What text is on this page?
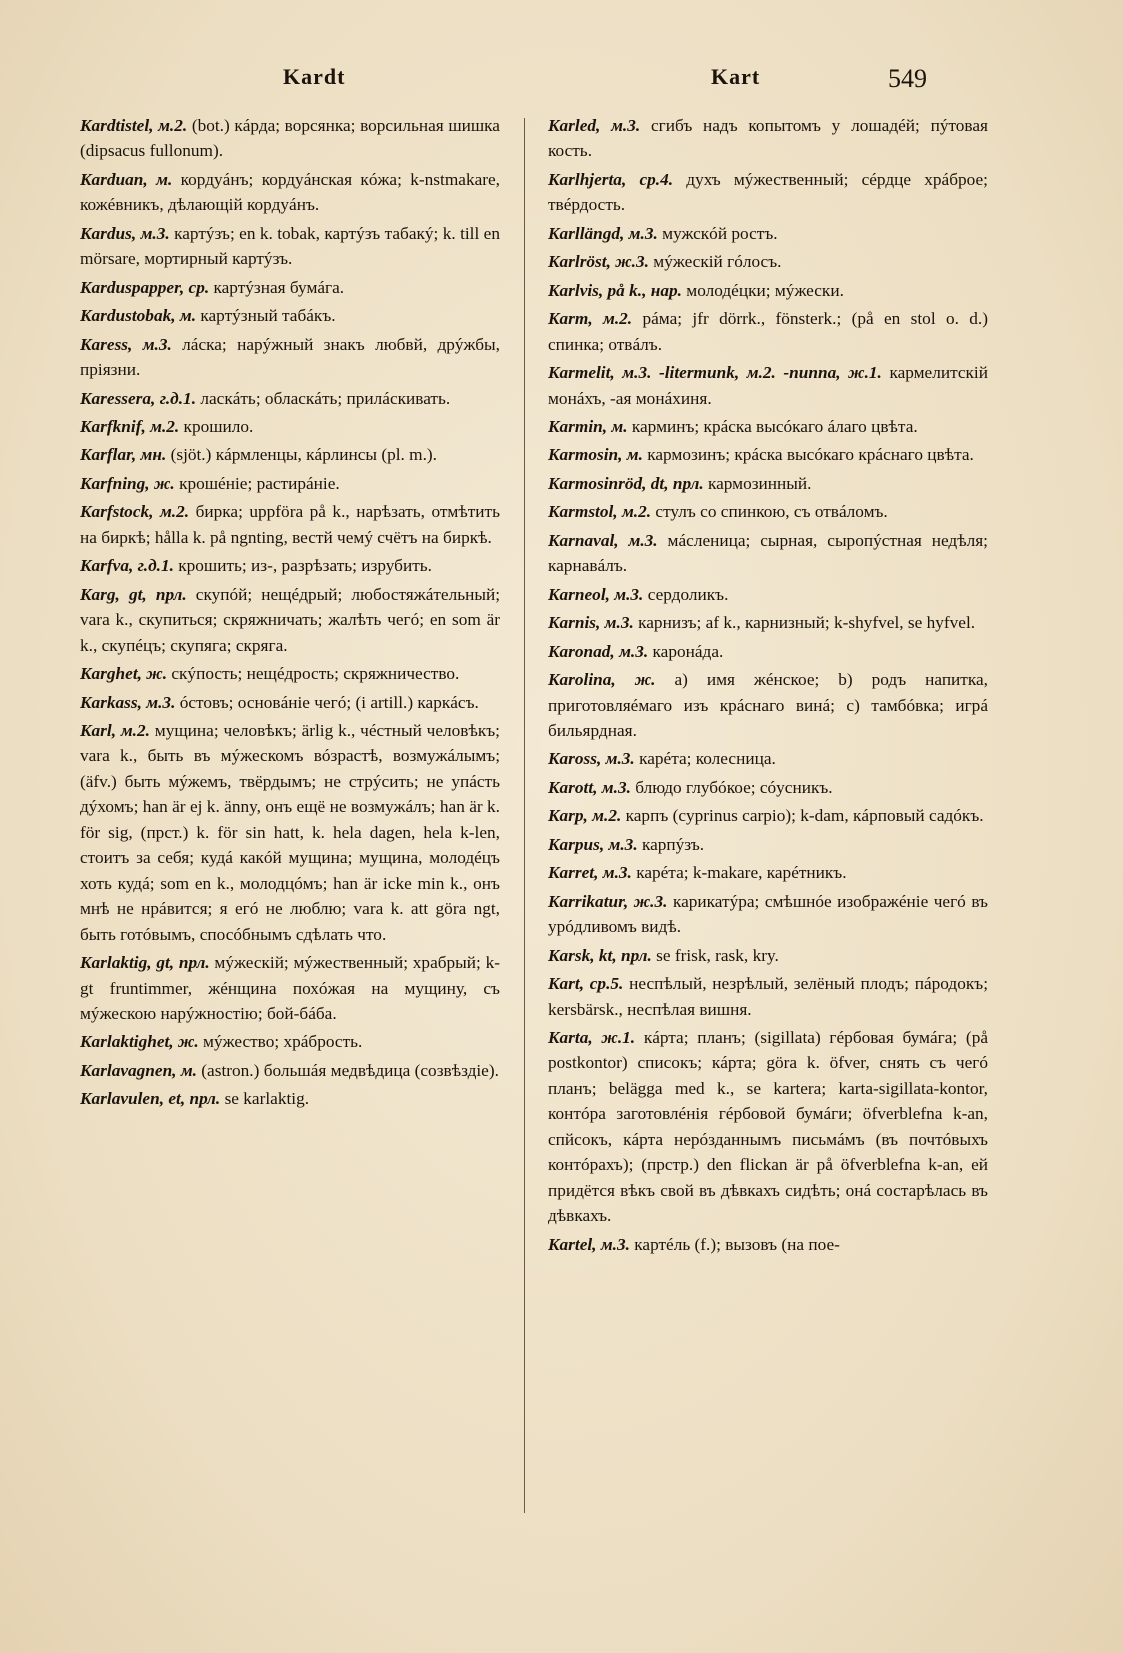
Kardt	Kart	549

Kardtistel, м.2. (bot.) кáрда; ворсянка; ворсильная шишка (dipsacus fullonum).

Karduan, м. кордуáнъ; кордуáнская кóжа; k-nstmakare, кожéвникъ, дѣлающiй кордуáнъ.

Kardus, м.3. картýзъ; en k. tobak, картýзъ табакý; k. till en mörsare, мортирный картýзъ.

Karduspapper, ср. картýзная бумáга.

Kardustobak, м. картýзный табáкъ.

Karess, м.3. лáска; нарýжный знакъ любвй, дрýжбы, прiязни.

Karessera, г.д.1. ласкáть; обласкáть; прилáскивать.

Karfknif, м.2. крошило.

Karflar, мн. (sjöt.) кáрмленцы, кáрлинсы (pl. m.).

Karfning, ж. крошéнiе; растирáнiе.

Karfstock, м.2. бирка; uppföra på k., нарѣзать, отмѣтить на биркѣ; hålla k. på ngnting, вестй чемý счётъ на биркѣ.

Karfva, г.д.1. крошить; из-, разрѣзать; изрубить.

Karg, gt, прл. скупóй; нещéдрый; любостяжáтельный; vara k., скупиться; скряжничать; жалѣть чегó; en som är k., скупéцъ; скупяга; скряга.

Karghet, ж. скýпость; нещéдрость; скряжничество.

Karkass, м.3. óстовъ; основáнiе чегó; (i artill.) каркáсъ.

Karl, м.2. мущина; человѣкъ; ärlig k., чéстный человѣкъ; vara k., быть въ мýжескомъ вóзрастѣ, возмужáлымъ; (äfv.) быть мýжемъ, твёрдымъ; не стрýсить; не упáсть дýхомъ; han är ej k. änny, онъ ещё не возмужáлъ; han är k. för sig, (прст.) k. för sin hatt, k. hela dagen, hela k-len, стоитъ за себя; кудá какóй мущина; мущина, молодéцъ хоть кудá; som en k., молодцóмъ; han är icke min k., онъ мнѣ не нрáвится; я егó не люблю; vara k. att göra ngt, быть готóвымъ, спосóбнымъ сдѣлать что.

Karlaktig, gt, прл. мýжескiй; мýжественный; храбрый; k-gt fruntimmer, жéнщина похóжая на мущину, съ мýжескою нарýжностiю; бой-бáба.

Karlaktighet, ж. мýжество; хрáбрость.

Karlavagnen, м. (astron.) большáя медвѣдица (созвѣздiе).

Karlavulen, et, прл. se karlaktig.

Karled, м.3. сгибъ надъ копытомъ у лошадéй; пýтовая кость.

Karlhjerta, ср.4. духъ мýжественный; сéрдце хрáброе; твéрдость.

Karllängd, м.3. мужскóй ростъ.

Karlröst, ж.3. мýжескiй гóлосъ.

Karlvis, på k., нар. молодéцки; мýжески.

Karm, м.2. рáма; jfr dörrk., fönsterk.; (på en stol o. d.) спинка; отвáлъ.

Karmelit, м.3. -litermunk, м.2. -nunna, ж.1. кармелитскiй монáхъ, -ая монáхиня.

Karmin, м. карминъ; крáска высóкаго áлаго цвѣта.

Karmosin, м. кармозинъ; крáска высóкаго крáснаго цвѣта.

Karmosinröd, dt, прл. кармозинный.

Karmstol, м.2. стулъ со спинкою, съ отвáломъ.

Karnaval, м.3. мáсленица; сырная, сыропýстная недѣля; карнавáлъ.

Karneol, м.3. сердоликъ.

Karnis, м.3. карнизъ; af k., карнизный; k-shyfvel, se hyfvel.

Karonad, м.3. каронáда.

Karolina, ж. a) имя жéнское; b) родъ напитка, приготовляéмаго изъ крáснаго винá; c) тамбóвка; игрá бильярдная.

Kaross, м.3. карéта; колесница.

Karott, м.3. блюдо глубóкое; сóусникъ.

Karp, м.2. карпъ (cyprinus carpio); k-dam, кáрповый садóкъ.

Karpus, м.3. карпýзъ.

Karret, м.3. карéта; k-makare, карéтникъ.

Karrikatur, ж.3. карикатýра; смѣшнóе изображéнiе чегó въ урóдливомъ видѣ.

Karsk, kt, прл. se frisk, rask, kry.

Kart, ср.5. неспѣлый, незрѣлый, зелёный плодъ; пáродокъ; kersbärsk., неспѣлая вишня.

Karta, ж.1. кáрта; планъ; (sigillata) гéрбовая бумáга; (på postkontor) списокъ; кáрта; göra k. öfver, снять съ чегó планъ; belägga med k., se kartera; karta-sigillata-kontor, контóра заготовлéнiя гéрбовой бумáги; öfverblefna k-an, спйсокъ, кáрта нерóзданнымъ письмáмъ (въ почтóвыхъ контóрахъ); (прстр.) den flickan är på öfverblefna k-an, ей придётся вѣкъ свой въ дѣвкахъ сидѣть; онá состарѣлась въ дѣвкахъ.

Kartel, м.3. картéль (f.); вызовъ (на пое-
